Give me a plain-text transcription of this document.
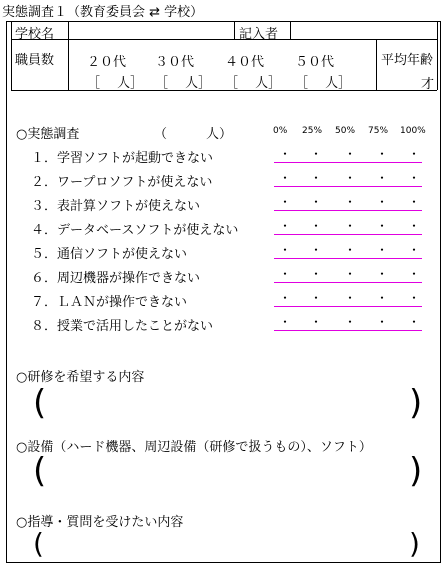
実態調査１（教育委員会 ⇄ 学校）
学校名	記入者
職員数	２０代 ３０代 ４０代 ５０代
［　 人］ ［　 人］ ［　 人］ ［　 人］
平均年齢
才
○実態調査	（　　　人）	0% 25% 50% 75% 100%
１．学習ソフトが起動できない	・ ・ ・ ・ ・
２．ワープロソフトが使えない	・ ・ ・ ・ ・
３．表計算ソフトが使えない	・ ・ ・ ・ ・
４．データベースソフトが使えない	・ ・ ・ ・ ・
５．通信ソフトが使えない	・ ・ ・ ・ ・
６．周辺機器が操作できない	・ ・ ・ ・ ・
７．ＬＡＮが操作できない	・ ・ ・ ・ ・
８．授業で活用したことがない	・ ・ ・ ・ ・
○研修を希望する内容
(	)
○設備（ハード機器、周辺設備（研修で扱うもの）、ソフト）
(	)
○指導・質問を受けたい内容
(	)
